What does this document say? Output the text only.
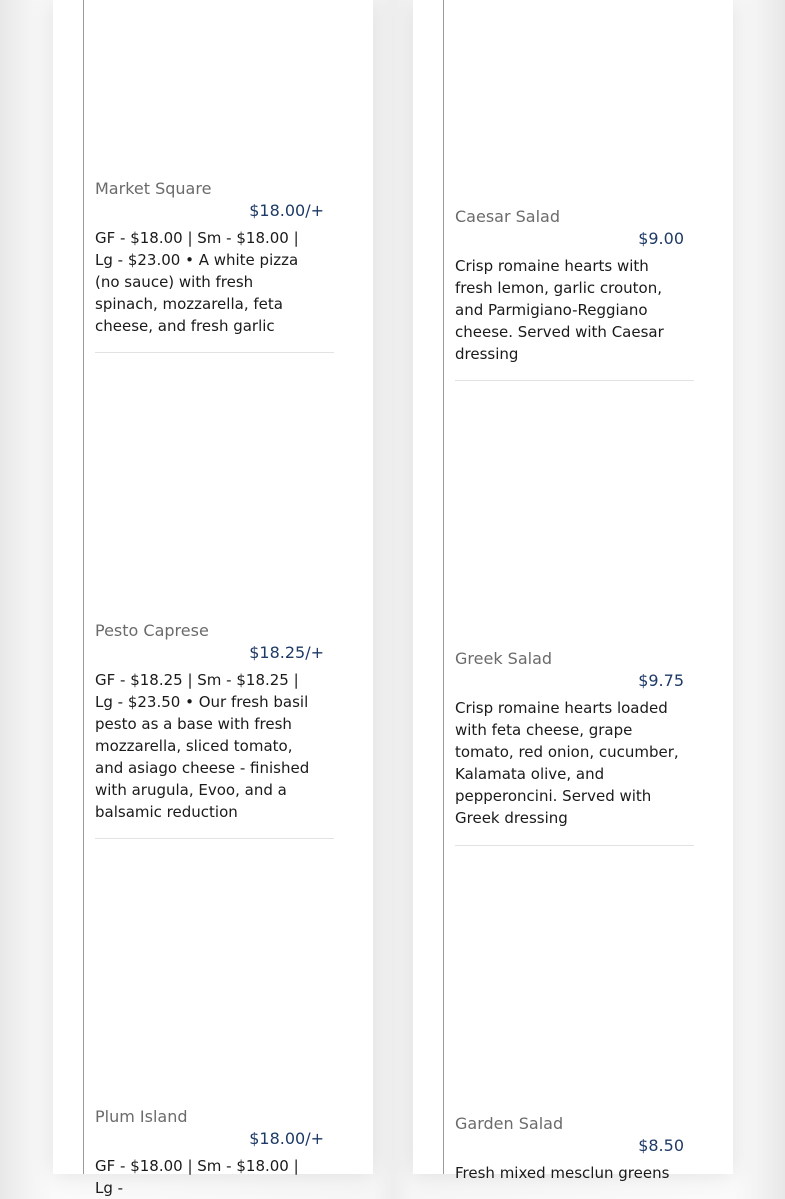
Market Square
$18.00/+

GF - $18.00 | Sm - $18.00 | Lg - $23.00 • A white pizza (no sauce) with fresh spinach, mozzarella, feta cheese, and fresh garlic

Pesto Caprese
$18.25/+

GF - $18.25 | Sm - $18.25 | Lg - $23.50 • Our fresh basil pesto as a base with fresh mozzarella, sliced tomato, and asiago cheese - finished with arugula, Evoo, and a balsamic reduction

Plum Island
$18.00/+

GF - $18.00 | Sm - $18.00 | Lg -

Caesar Salad
$9.00

Crisp romaine hearts with fresh lemon, garlic crouton, and Parmigiano-Reggiano cheese. Served with Caesar dressing

Greek Salad
$9.75

Crisp romaine hearts loaded with feta cheese, grape tomato, red onion, cucumber, Kalamata olive, and pepperoncini. Served with Greek dressing

Garden Salad
$8.50

Fresh mixed mesclun greens
